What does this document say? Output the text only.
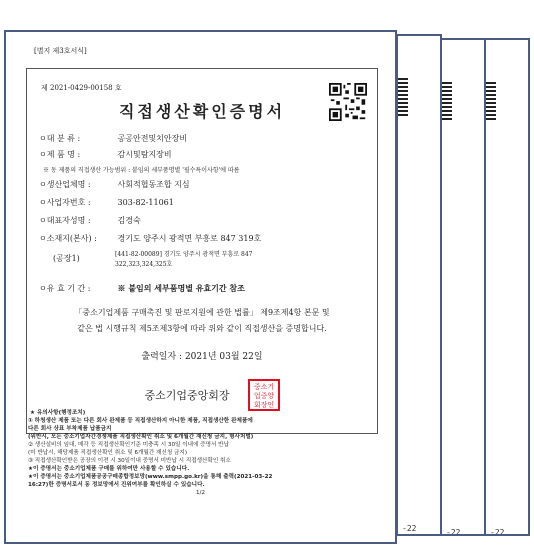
-22
-22
-22
[별지 제3호서식]
제 2021-0429-00158 호
직접생산확인증명서
ㅇ대 분 류 :	공공안전및치안장비
ㅇ제 품 명 :	감시및탐지장비
※ 동 제품의 직접생산 가능범위 : 붙임의 세부품명별 '필수특이사항'에 따름
ㅇ생산업체명 :	사회적협동조합 지심
ㅇ사업자번호 :	303-82-11061
ㅇ대표자성명 :	김경숙
ㅇ소재지(본사) :	경기도 양주시 광적면 부흥로 847 319호
(공장1)	[441-82-00089] 경기도 양주시 광적면 부흥로 847
322,323,324,325호
ㅇ유 효 기 간 :	※ 붙임의 세부품명별 유효기간 참조
「중소기업제품 구매촉진 및 판로지원에 관한 법률」 제9조제4항 본문 및
같은 법 시행규칙 제5조제3항에 따라 위와 같이 직접생산을 증명합니다.
출력일자 : 2021년 03월 22일
중소기업중앙회장
중소기
업중앙
회장인
★ 유의사항(행정조치)
① 하청생산 제품 또는 다른 회사 완제품 등 직접생산하지 아니한 제품, 직접생산한 완제품에
다른 회사 상표 부착제품 납품금지
(위반시, 모든 중소기업자간경쟁제품 직접생산확인 취소 및 6개월간 재신청 금지, 형사처벌)
② 생산설비의 임대, 매각 등 직접생산확인기준 미충족 시 30일 이내에 증명서 반납
(미 반납시, 해당제품 직접생산확인 취소 및 6개월간 재신청 금지)
③ 직접생산확인받은 공장의 이전 시 30일이내 중명서 미반납 시 직접생산확인 취소
★이 증명서는 중소기업제품 구매를 위하여만 사용할 수 있습니다.
★이 증명서는 중소기업제품공공구매종합정보망(www.smpp.go.kr)을 통해 출력(2021-03-22
16:27)한 증명서로서 동 정보망에서 진위여부를 확인하실 수 있습니다.
1/2
